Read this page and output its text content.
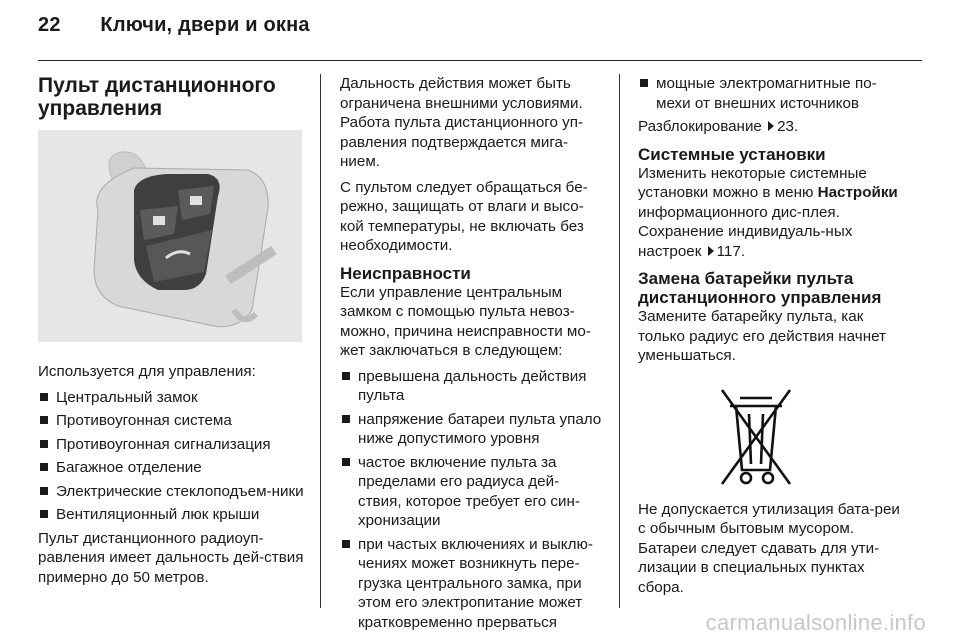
22 Ключи, двери и окна
Пульт дистанционного управления

Используется для управления:

Центральный замок
Противоугонная система
Противоугонная сигнализация
Багажное отделение
Электрические стеклоподъем-ники
Вентиляционный люк крыши

Пульт дистанционного радиоуп-равления имеет дальность дей-ствия примерно до 50 метров.

Дальность действия может быть ограничена внешними условиями. Работа пульта дистанционного уп-равления подтверждается мига-нием.

С пультом следует обращаться бе-режно, защищать от влаги и высо-кой температуры, не включать без необходимости.

Неисправности

Если управление центральным замком с помощью пульта невоз-можно, причина неисправности мо-жет заключаться в следующем:

превышена дальность действия пульта
напряжение батареи пульта упало ниже допустимого уровня
частое включение пульта за пределами его радиуса дей-ствия, которое требует его син-хронизации
при частых включениях и выклю-чениях может возникнуть пере-грузка центрального замка, при этом его электропитание может кратковременно прерваться
мощные электромагнитные по-мехи от внешних источников

Разблокирование 23.

Системные установки

Изменить некоторые системные установки можно в меню Настройки информационного дис-плея. Сохранение индивидуаль-ных настроек 117.

Замена батарейки пульта дистанционного управления

Замените батарейку пульта, как только радиус его действия начнет уменьшаться.

Не допускается утилизация бата-реи с обычным бытовым мусором. Батареи следует сдавать для ути-лизации в специальных пунктах сбора.

carmanualsonline.info
